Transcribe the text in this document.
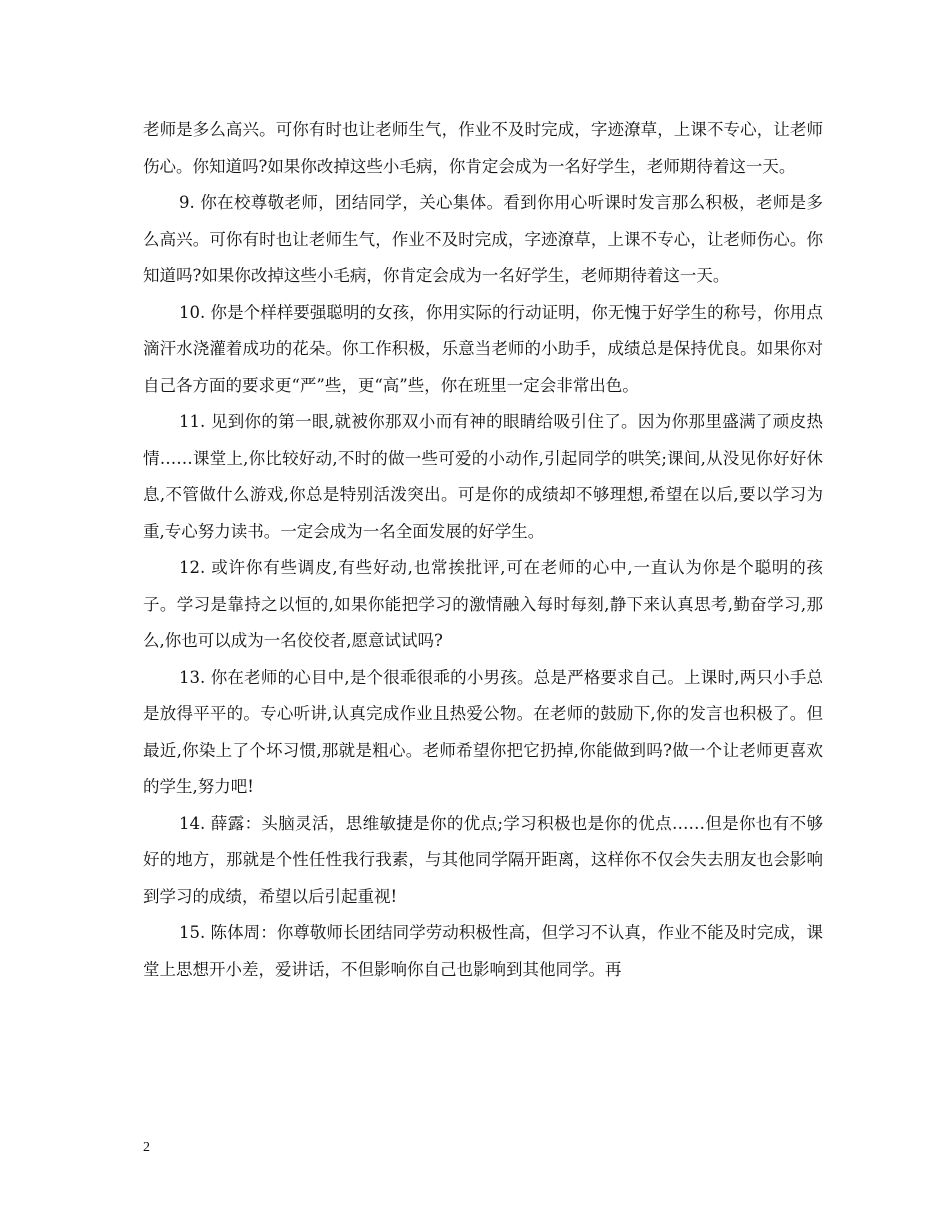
老师是多么高兴。可你有时也让老师生气，作业不及时完成，字迹潦草，上课不专心，让老师伤心。你知道吗?如果你改掉这些小毛病，你肯定会成为一名好学生，老师期待着这一天。

9. 你在校尊敬老师，团结同学，关心集体。看到你用心听课时发言那么积极，老师是多么高兴。可你有时也让老师生气，作业不及时完成，字迹潦草，上课不专心，让老师伤心。你知道吗?如果你改掉这些小毛病，你肯定会成为一名好学生，老师期待着这一天。

10. 你是个样样要强聪明的女孩，你用实际的行动证明，你无愧于好学生的称号，你用点滴汗水浇灌着成功的花朵。你工作积极，乐意当老师的小助手，成绩总是保持优良。如果你对自己各方面的要求更“严”些，更“高”些，你在班里一定会非常出色。

11. 见到你的第一眼,就被你那双小而有神的眼睛给吸引住了。因为你那里盛满了顽皮热情……课堂上,你比较好动,不时的做一些可爱的小动作,引起同学的哄笑;课间,从没见你好好休息,不管做什么游戏,你总是特别活泼突出。可是你的成绩却不够理想,希望在以后,要以学习为重,专心努力读书。一定会成为一名全面发展的好学生。

12. 或许你有些调皮,有些好动,也常挨批评,可在老师的心中,一直认为你是个聪明的孩子。学习是靠持之以恒的,如果你能把学习的激情融入每时每刻,静下来认真思考,勤奋学习,那么,你也可以成为一名佼佼者,愿意试试吗?

13. 你在老师的心目中,是个很乖很乖的小男孩。总是严格要求自己。上课时,两只小手总是放得平平的。专心听讲,认真完成作业且热爱公物。在老师的鼓励下,你的发言也积极了。但最近,你染上了个坏习惯,那就是粗心。老师希望你把它扔掉,你能做到吗?做一个让老师更喜欢的学生,努力吧!

14. 薛露：头脑灵活，思维敏捷是你的优点;学习积极也是你的优点……但是你也有不够好的地方，那就是个性任性我行我素，与其他同学隔开距离，这样你不仅会失去朋友也会影响到学习的成绩，希望以后引起重视!

15. 陈体周：你尊敬师长团结同学劳动积极性高，但学习不认真，作业不能及时完成，课堂上思想开小差，爱讲话，不但影响你自己也影响到其他同学。再

2
